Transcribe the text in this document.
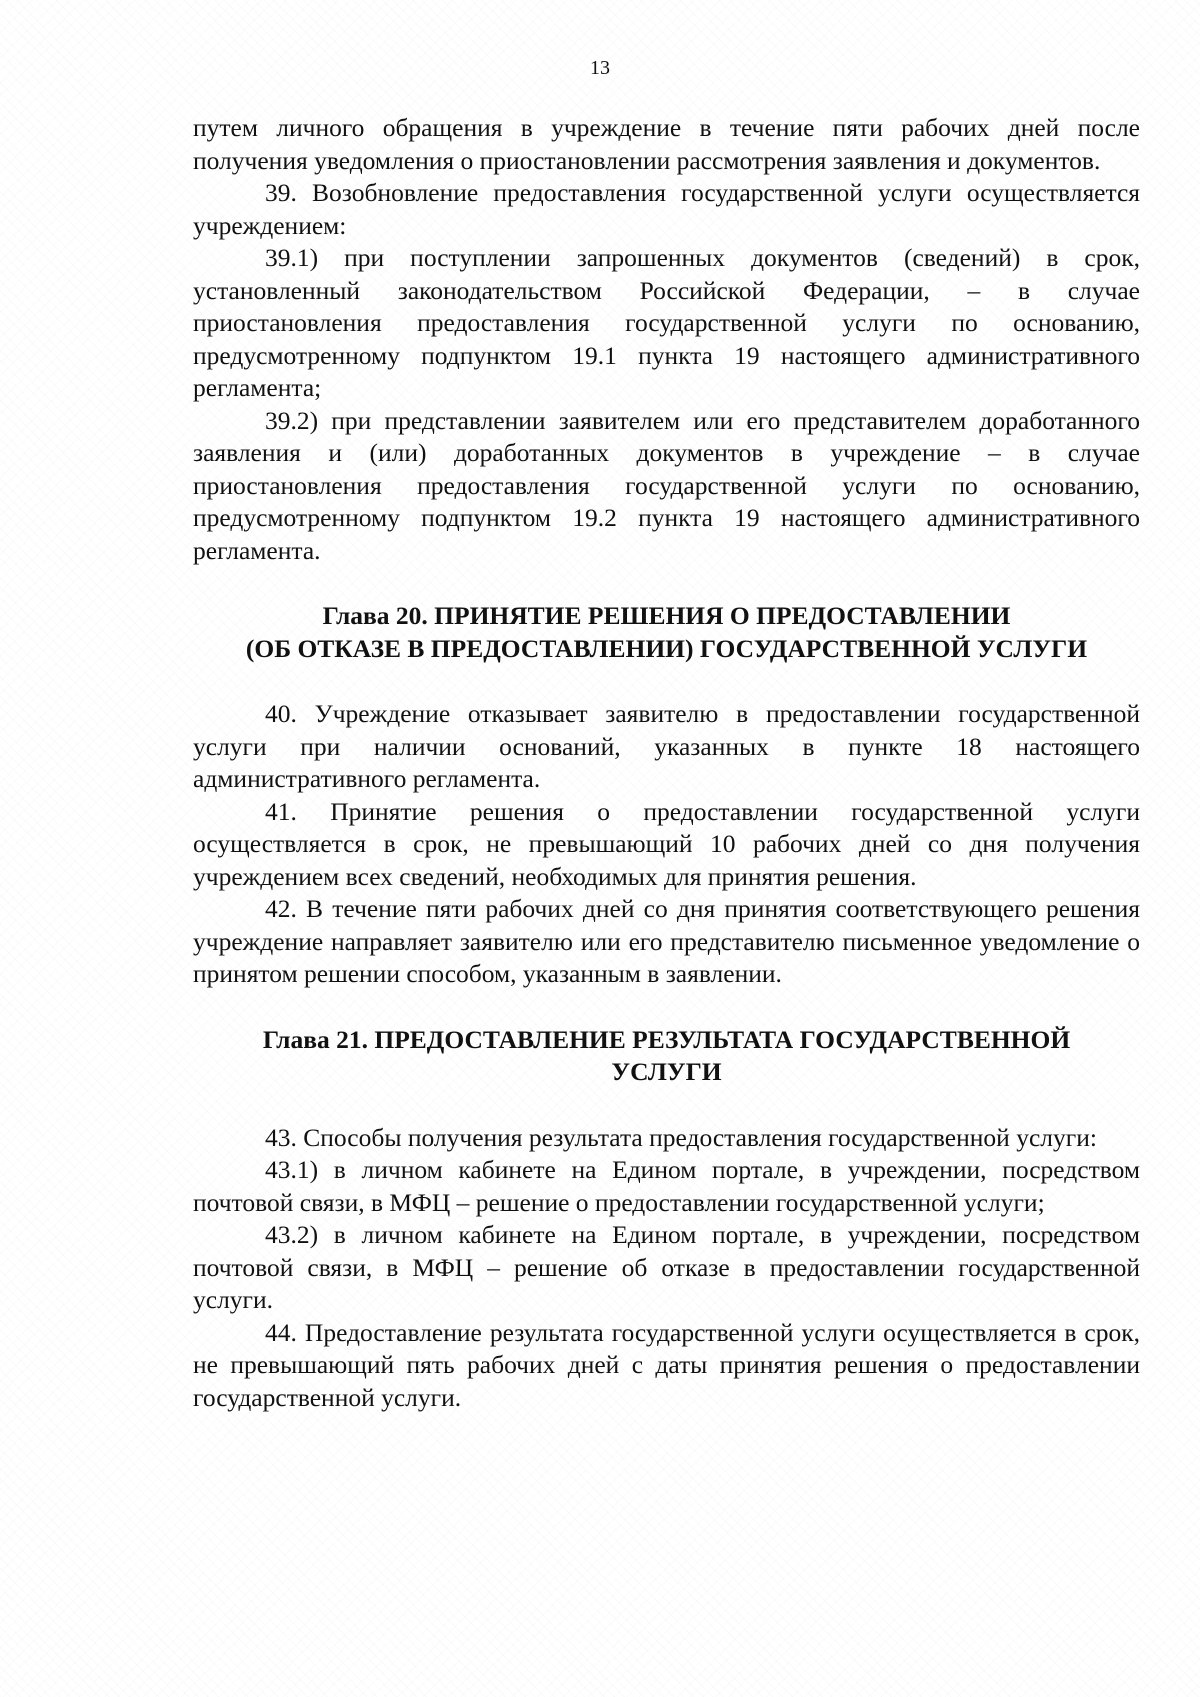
13

путем личного обращения в учреждение в течение пяти рабочих дней после получения уведомления о приостановлении рассмотрения заявления и документов.

39. Возобновление предоставления государственной услуги осуществляется учреждением:

39.1) при поступлении запрошенных документов (сведений) в срок, установленный законодательством Российской Федерации, – в случае приостановления предоставления государственной услуги по основанию, предусмотренному подпунктом 19.1 пункта 19 настоящего административного регламента;

39.2) при представлении заявителем или его представителем доработанного заявления и (или) доработанных документов в учреждение – в случае приостановления предоставления государственной услуги по основанию, предусмотренному подпунктом 19.2 пункта 19 настоящего административного регламента.

Глава 20. ПРИНЯТИЕ РЕШЕНИЯ О ПРЕДОСТАВЛЕНИИ
(ОБ ОТКАЗЕ В ПРЕДОСТАВЛЕНИИ) ГОСУДАРСТВЕННОЙ УСЛУГИ

40. Учреждение отказывает заявителю в предоставлении государственной услуги при наличии оснований, указанных в пункте 18 настоящего административного регламента.

41. Принятие решения о предоставлении государственной услуги осуществляется в срок, не превышающий 10 рабочих дней со дня получения учреждением всех сведений, необходимых для принятия решения.

42. В течение пяти рабочих дней со дня принятия соответствующего решения учреждение направляет заявителю или его представителю письменное уведомление о принятом решении способом, указанным в заявлении.

Глава 21. ПРЕДОСТАВЛЕНИЕ РЕЗУЛЬТАТА ГОСУДАРСТВЕННОЙ
УСЛУГИ

43. Способы получения результата предоставления государственной услуги:

43.1) в личном кабинете на Едином портале, в учреждении, посредством почтовой связи, в МФЦ – решение о предоставлении государственной услуги;

43.2) в личном кабинете на Едином портале, в учреждении, посредством почтовой связи, в МФЦ – решение об отказе в предоставлении государственной услуги.

44. Предоставление результата государственной услуги осуществляется в срок, не превышающий пять рабочих дней с даты принятия решения о предоставлении государственной услуги.
